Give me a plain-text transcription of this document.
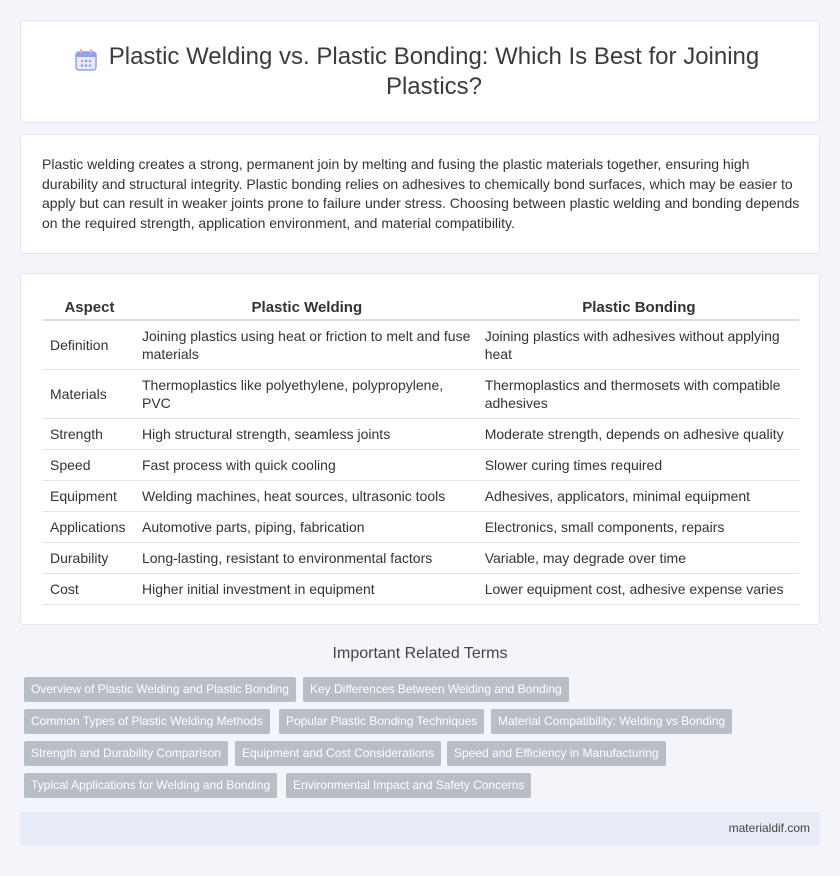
Plastic Welding vs. Plastic Bonding: Which Is Best for Joining Plastics?

Plastic welding creates a strong, permanent join by melting and fusing the plastic materials together, ensuring high durability and structural integrity. Plastic bonding relies on adhesives to chemically bond surfaces, which may be easier to apply but can result in weaker joints prone to failure under stress. Choosing between plastic welding and bonding depends on the required strength, application environment, and material compatibility.

Aspect	Plastic Welding	Plastic Bonding
Definition	Joining plastics using heat or friction to melt and fuse materials	Joining plastics with adhesives without applying heat
Materials	Thermoplastics like polyethylene, polypropylene, PVC	Thermoplastics and thermosets with compatible adhesives
Strength	High structural strength, seamless joints	Moderate strength, depends on adhesive quality
Speed	Fast process with quick cooling	Slower curing times required
Equipment	Welding machines, heat sources, ultrasonic tools	Adhesives, applicators, minimal equipment
Applications	Automotive parts, piping, fabrication	Electronics, small components, repairs
Durability	Long-lasting, resistant to environmental factors	Variable, may degrade over time
Cost	Higher initial investment in equipment	Lower equipment cost, adhesive expense varies
Important Related Terms
Overview of Plastic Welding and Plastic Bonding	Key Differences Between Welding and Bonding
Common Types of Plastic Welding Methods	Popular Plastic Bonding Techniques	Material Compatibility: Welding vs Bonding
Strength and Durability Comparison	Equipment and Cost Considerations	Speed and Efficiency in Manufacturing
Typical Applications for Welding and Bonding	Environmental Impact and Safety Concerns
materialdif.com
